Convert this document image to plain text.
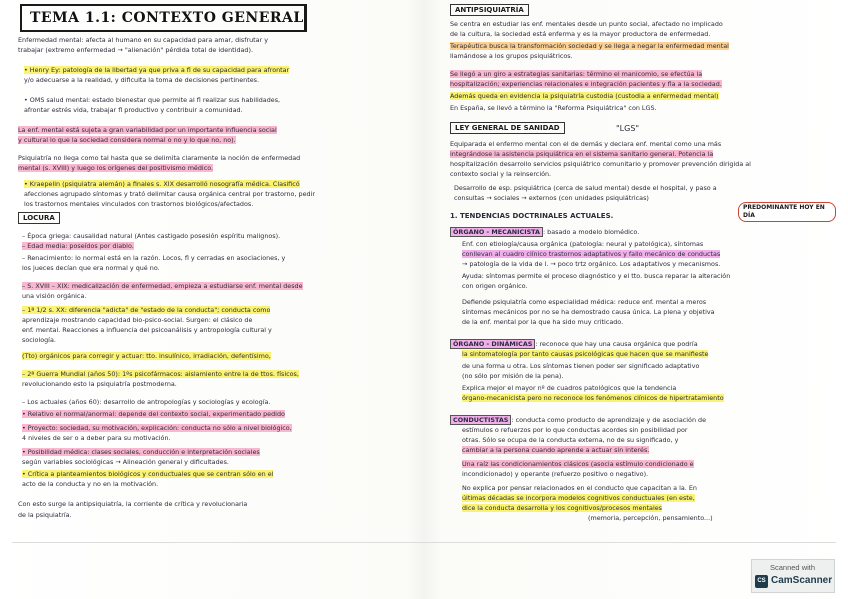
TEMA 1.1: CONTEXTO GENERAL
Enfermedad mental: afecta al humano en su capacidad para amar, disfrutar y
trabajar (extremo enfermedad → "alienación" pérdida total de identidad).
• Henry Ey: patología de la libertad ya que priva a fl de su capacidad para afrontar
y/o adecuarse a la realidad, y dificulta la toma de decisiones pertinentes.
• OMS salud mental: estado bienestar que permite al fl realizar sus habilidades,
afrontar estrés vida, trabajar fl productivo y contribuir a comunidad.
La enf. mental está sujeta a gran variabilidad por un importante influencia social
y cultural lo que la sociedad considera normal o no y lo que no, no).
Psiquiatría no llega como tal hasta que se delimita claramente la noción de enfermedad
mental (s. XVIII) y luego los orígenes del positivismo médico.
• Kraepelin (psiquiatra alemán) a finales s. XIX desarrolló nosografía médica. Clasificó
afecciones agrupado síntomas y trató delimitar causa orgánica central por trastorno, pedir
los trastornos mentales vinculados con trastornos biológicos/afectados.
LOCURA
– Época griega: causalidad natural (Antes castigado posesión espíritu malignos).
– Edad media: poseídos por diablo.
– Renacimiento: lo normal está en la razón. Locos, fl y cerradas en asociaciones, y
los jueces decían que era normal y qué no.
– S. XVIII – XIX: medicalización de enfermedad, empieza a estudiarse enf. mental desde
una visión orgánica.
– 1ª 1/2 s. XX: diferencia "adicta" de "estado de la conducta"; conducta como
aprendizaje mostrando capacidad bio-psico-social. Surgen: el clásico de
enf. mental. Reacciones a influencia del psicoanálisis y antropología cultural y
sociología.
(Tto) orgánicos para corregir y actuar: tto. insulínico, irradiación, defentísimo,
– 2ª Guerra Mundial (años 50): 1ºs psicofármacos: aislamiento entre la de ttos. físicos,
revolucionando esto la psiquiatría postmoderna.
– Los actuales (años 60): desarrollo de antropologías y sociologías y ecología.
• Relativo el normal/anormal: depende del contexto social, experimentado pedido
• Proyecto: sociedad, su motivación, explicación: conducta no sólo a nivel biológico,
4 niveles de ser o a deber para su motivación.
• Posibilidad médica: clases sociales, conducción e interpretación sociales
según variables sociológicas → Alineación general y dificultades.
• Crítica a planteamientos biológicos y conductuales que se centran sólo en el
acto de la conducta y no en la motivación.
Con esto surge la antipsiquiatría, la corriente de crítica y revolucionaria
de la psiquiatría.
ANTIPSIQUIATRÍA
Se centra en estudiar las enf. mentales desde un punto social, afectado no implicado
de la cultura, la sociedad está enferma y es la mayor productora de enfermedad.
Terapéutica busca la transformación sociedad y se llega a negar la enfermedad mental
llamándose a los grupos psiquiátricos.
Se llegó a un giro a estrategias sanitarias: término el manicomio, se efectúa la
hospitalización; experiencias relacionales e integración pacientes y fla a la sociedad.
Además queda en evidencia la psiquiatría custodia (custodia a enfermedad mental)
En España, se llevó a término la "Reforma Psiquiátrica" con LGS.
LEY GENERAL DE SANIDAD	"LGS"
Equiparada el enfermo mental con el de demás y declara enf. mental como una más
integrándose la asistencia psiquiátrica en el sistema sanitario general. Potencia la
hospitalización desarrollo servicios psiquiátrico comunitario y promover prevención dirigida al
contexto social y la reinserción.
Desarrollo de esp. psiquiátrica (cerca de salud mental) desde el hospital, y paso a
consultas → sociales → externos (con unidades psiquiátricas)
1. TENDENCIAS DOCTRINALES ACTUALES.
PREDOMINANTE HOY EN DÍA
ÓRGANO - MECANICISTA : basado a modelo biomédico.
Enf. con etiología/causa orgánica (patología: neural y patológica), síntomas
conllevan al cuadro clínico trastornos adaptativos y fallo mecánico de conductas
→ patología de la vida de l. → poco trtz orgánico. Los adaptativos y mecanismos.
Ayuda: síntomas permite el proceso diagnóstico y el tto. busca reparar la alteración
con origen orgánico.
Defiende psiquiatría como especialidad médica: reduce enf. mental a meros
síntomas mecánicos por no se ha demostrado causa única. La plena y objetiva
de la enf. mental por la que ha sido muy criticado.
ÓRGANO - DINÁMICAS : reconoce que hay una causa orgánica que podría
la sintomatología por tanto causas psicológicas que hacen que se manifieste
de una forma u otra. Los síntomas tienen poder ser significado adaptativo
(no sólo por misión de la pena).
Explica mejor el mayor nº de cuadros patológicos que la tendencia
órgano-mecanicista pero no reconoce los fenómenos clínicos de hipertratamiento
CONDUCTISTAS : conducta como producto de aprendizaje y de asociación de
estímulos o refuerzos por lo que conductas acordes sin posibilidad por
otras. Sólo se ocupa de la conducta externa, no de su significado, y
cambiar a la persona cuando aprende a actuar sin interés.
Una raíz las condicionamientos clásicos (asocia estímulo condicionado e
incondicionado) y operante (refuerzo positivo o negativo).
No explica por pensar relacionados en el conducto que capacitan a la. En
últimas décadas se incorpora modelos cognitivos conductuales (en este,
dice la conducta desarrolla y los cognitivos/procesos mentales
(memoria, percepción, pensamiento...)
Scanned with
CS CamScanner
